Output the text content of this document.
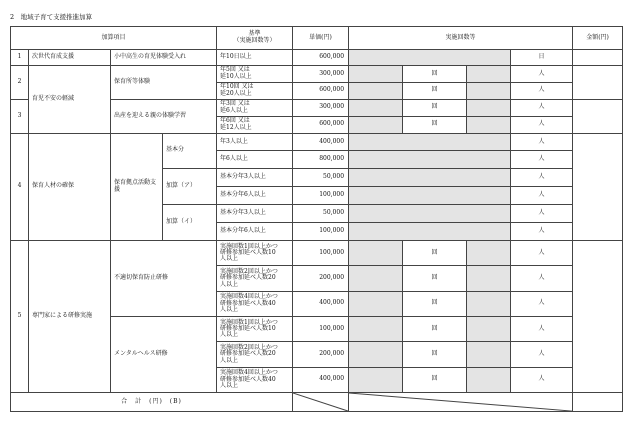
2　地域子育て支援推進加算
加算項目				基準
（実施回数等）	単価(円)	実施回数等				金額(円)
1	次世代育成支援	小中高生の育児体験受入れ		年10日以上	600,000				日	
2	育児不安の軽減	保育所等体験		年5回 又は
延10人以上	300,000		回		人	
				年10回 又は
延20人以上	600,000		回		人	
3		出産を迎える親の体験学習		年3回 又は
延6人以上	300,000		回		人	
				年6回 又は
延12人以上	600,000		回		人	
4	保育人材の確保	保育拠点活動支援	基本分	年3人以上	400,000				人	
				年6人以上	800,000				人	
			加算（ア）	基本分年3人以上	50,000				人	
				基本分年6人以上	100,000				人	
			加算（イ）	基本分年3人以上	50,000				人	
				基本分年6人以上	100,000				人	
5	専門家による研修実施	不適切保育防止研修		実施回数1回以上かつ
研修参加延べ人数10
人以上	100,000		回		人	
				実施回数2回以上かつ
研修参加延べ人数20
人以上	200,000		回		人	
				実施回数4回以上かつ
研修参加延べ人数40
人以上	400,000		回		人	
		メンタルヘルス研修		実施回数1回以上かつ
研修参加延べ人数10
人以上	100,000		回		人	
				実施回数2回以上かつ
研修参加延べ人数20
人以上	200,000		回		人	
				実施回数4回以上かつ
研修参加延べ人数40
人以上	400,000		回		人	
合　計　(円)　(B)	
